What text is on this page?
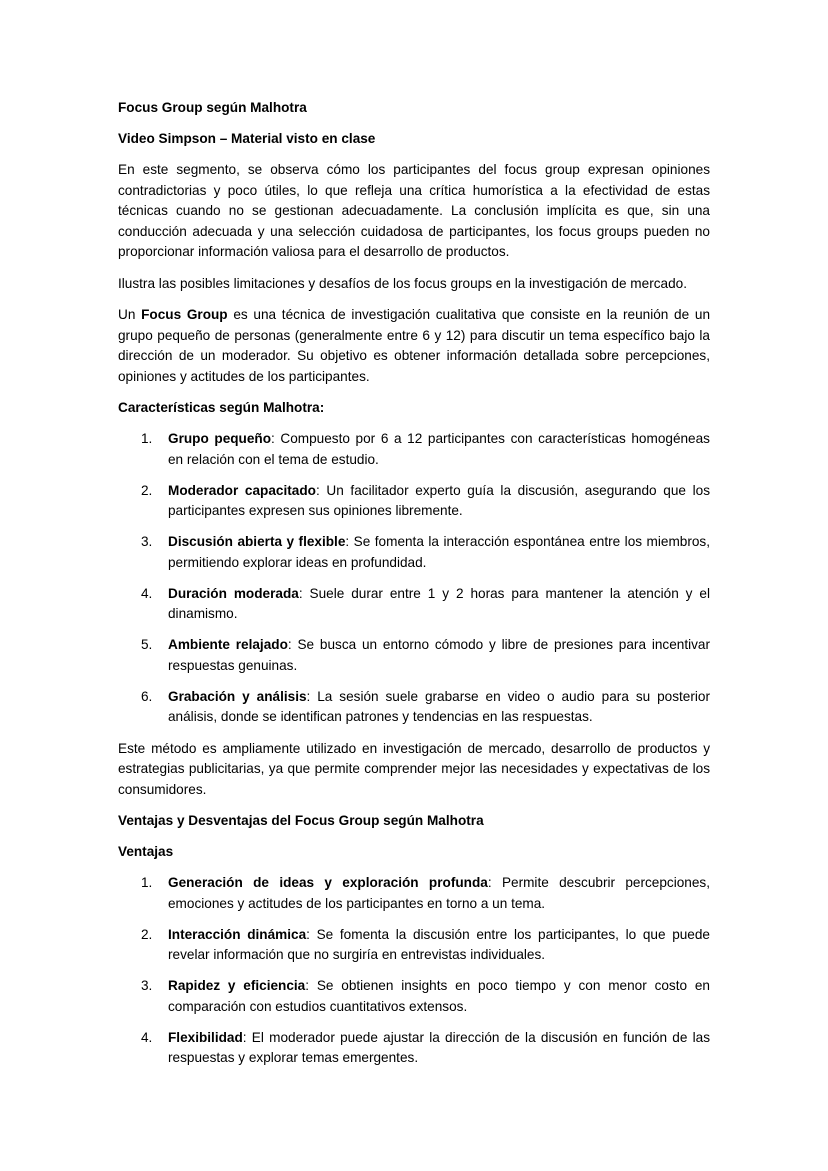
Focus Group según Malhotra
Video Simpson – Material visto en clase

En este segmento, se observa cómo los participantes del focus group expresan opiniones contradictorias y poco útiles, lo que refleja una crítica humorística a la efectividad de estas técnicas cuando no se gestionan adecuadamente. La conclusión implícita es que, sin una conducción adecuada y una selección cuidadosa de participantes, los focus groups pueden no proporcionar información valiosa para el desarrollo de productos.

Ilustra las posibles limitaciones y desafíos de los focus groups en la investigación de mercado.

Un Focus Group es una técnica de investigación cualitativa que consiste en la reunión de un grupo pequeño de personas (generalmente entre 6 y 12) para discutir un tema específico bajo la dirección de un moderador. Su objetivo es obtener información detallada sobre percepciones, opiniones y actitudes de los participantes.

Características según Malhotra:
1. Grupo pequeño: Compuesto por 6 a 12 participantes con características homogéneas en relación con el tema de estudio.
2. Moderador capacitado: Un facilitador experto guía la discusión, asegurando que los participantes expresen sus opiniones libremente.
3. Discusión abierta y flexible: Se fomenta la interacción espontánea entre los miembros, permitiendo explorar ideas en profundidad.
4. Duración moderada: Suele durar entre 1 y 2 horas para mantener la atención y el dinamismo.
5. Ambiente relajado: Se busca un entorno cómodo y libre de presiones para incentivar respuestas genuinas.
6. Grabación y análisis: La sesión suele grabarse en video o audio para su posterior análisis, donde se identifican patrones y tendencias en las respuestas.

Este método es ampliamente utilizado en investigación de mercado, desarrollo de productos y estrategias publicitarias, ya que permite comprender mejor las necesidades y expectativas de los consumidores.

Ventajas y Desventajas del Focus Group según Malhotra
Ventajas
1. Generación de ideas y exploración profunda: Permite descubrir percepciones, emociones y actitudes de los participantes en torno a un tema.
2. Interacción dinámica: Se fomenta la discusión entre los participantes, lo que puede revelar información que no surgiría en entrevistas individuales.
3. Rapidez y eficiencia: Se obtienen insights en poco tiempo y con menor costo en comparación con estudios cuantitativos extensos.
4. Flexibilidad: El moderador puede ajustar la dirección de la discusión en función de las respuestas y explorar temas emergentes.
